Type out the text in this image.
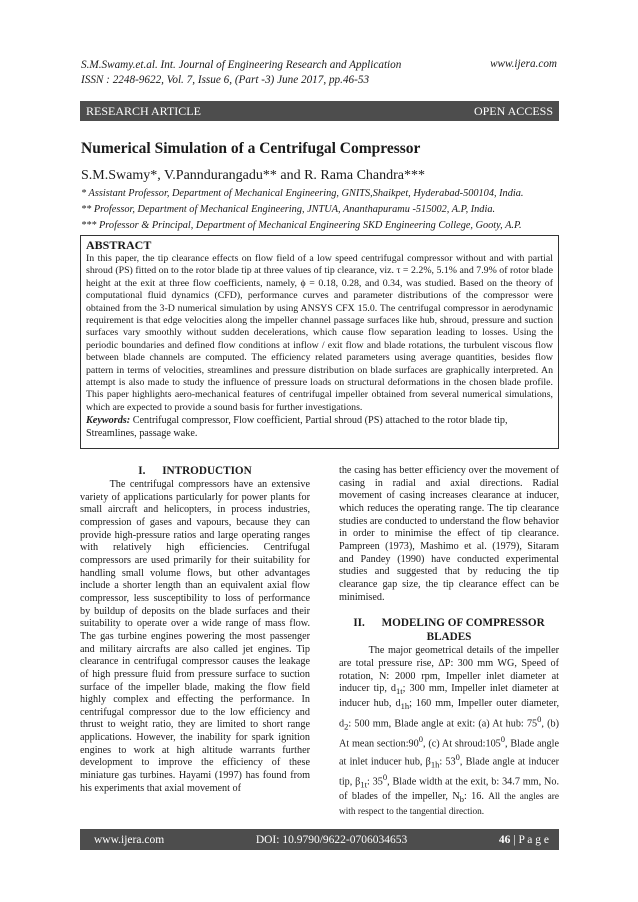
S.M.Swamy.et.al. Int. Journal of Engineering Research and Application
ISSN : 2248-9622, Vol. 7, Issue 6, (Part -3) June 2017, pp.46-53
www.ijera.com
RESEARCH ARTICLE	OPEN ACCESS
Numerical Simulation of a Centrifugal Compressor
S.M.Swamy*, V.Panndurangadu** and R. Rama Chandra***
* Assistant Professor, Department of Mechanical Engineering, GNITS,Shaikpet, Hyderabad-500104, India.
** Professor, Department of Mechanical Engineering, JNTUA, Ananthapuramu -515002, A.P, India.
*** Professor & Principal, Department of Mechanical Engineering SKD Engineering College, Gooty, A.P.
ABSTRACT

In this paper, the tip clearance effects on flow field of a low speed centrifugal compressor without and with partial shroud (PS) fitted on to the rotor blade tip at three values of tip clearance, viz. τ = 2.2%, 5.1% and 7.9% of rotor blade height at the exit at three flow coefficients, namely, ϕ = 0.18, 0.28, and 0.34, was studied. Based on the theory of computational fluid dynamics (CFD), performance curves and parameter distributions of the compressor were obtained from the 3-D numerical simulation by using ANSYS CFX 15.0. The centrifugal compressor in aerodynamic requirement is that edge velocities along the impeller channel passage surfaces like hub, shroud, pressure and suction surfaces vary smoothly without sudden decelerations, which cause flow separation leading to losses. Using the periodic boundaries and defined flow conditions at inflow / exit flow and blade rotations, the turbulent viscous flow between blade channels are computed. The efficiency related parameters using average quantities, besides flow pattern in terms of velocities, streamlines and pressure distribution on blade surfaces are graphically interpreted. An attempt is also made to study the influence of pressure loads on structural deformations in the chosen blade profile. This paper highlights aero-mechanical features of centrifugal impeller obtained from several numerical simulations, which are expected to provide a sound basis for further investigations.

Keywords: Centrifugal compressor, Flow coefficient, Partial shroud (PS) attached to the rotor blade tip, Streamlines, passage wake.

I.      INTRODUCTION

The centrifugal compressors have an extensive variety of applications particularly for power plants for small aircraft and helicopters, in process industries, compression of gases and vapours, because they can provide high-pressure ratios and large operating ranges with relatively high efficiencies. Centrifugal compressors are used primarily for their suitability for handling small volume flows, but other advantages include a shorter length than an equivalent axial flow compressor, less susceptibility to loss of performance by buildup of deposits on the blade surfaces and their suitability to operate over a wide range of mass flow. The gas turbine engines powering the most passenger and military aircrafts are also called jet engines. Tip clearance in centrifugal compressor causes the leakage of high pressure fluid from pressure surface to suction surface of the impeller blade, making the flow field highly complex and effecting the performance. In centrifugal compressor due to the low efficiency and thrust to weight ratio, they are limited to short range applications. However, the inability for spark ignition engines to work at high altitude warrants further development to improve the efficiency of these miniature gas turbines. Hayami (1997) has found from his experiments that axial movement of

the casing has better efficiency over the movement of casing in radial and axial directions. Radial movement of casing increases clearance at inducer, which reduces the operating range. The tip clearance studies are conducted to understand the flow behavior in order to minimise the effect of tip clearance. Pampreen (1973), Mashimo et al. (1979), Sitaram and Pandey (1990) have conducted experimental studies and suggested that by reducing the tip clearance gap size, the tip clearance effect can be minimised.

II.      MODELING OF COMPRESSOR
BLADES

The major geometrical details of the impeller are total pressure rise, ΔP: 300 mm WG, Speed of rotation, N: 2000 rpm, Impeller inlet diameter at inducer tip, $d_{1t}$; 300 mm, Impeller inlet diameter at inducer hub, $d_{1h}$; 160 mm, Impeller outer diameter, $d_2$: 500 mm, Blade angle at exit: (a) At hub: $75^0$, (b) At mean $section:90^0$, (c) At $shroud:105^0$, Blade angle at inlet inducer hub, $\beta_{1h}$: $53^0$, Blade angle at inducer tip, $\beta_{1t}$: $35^0$, Blade width at the exit, b: 34.7 mm, No. of blades of the impeller, $N_b$: 16. All the angles are with respect to the tangential direction.

www.ijera.com	DOI: 10.9790/9622-0706034653	46 | P a g e
